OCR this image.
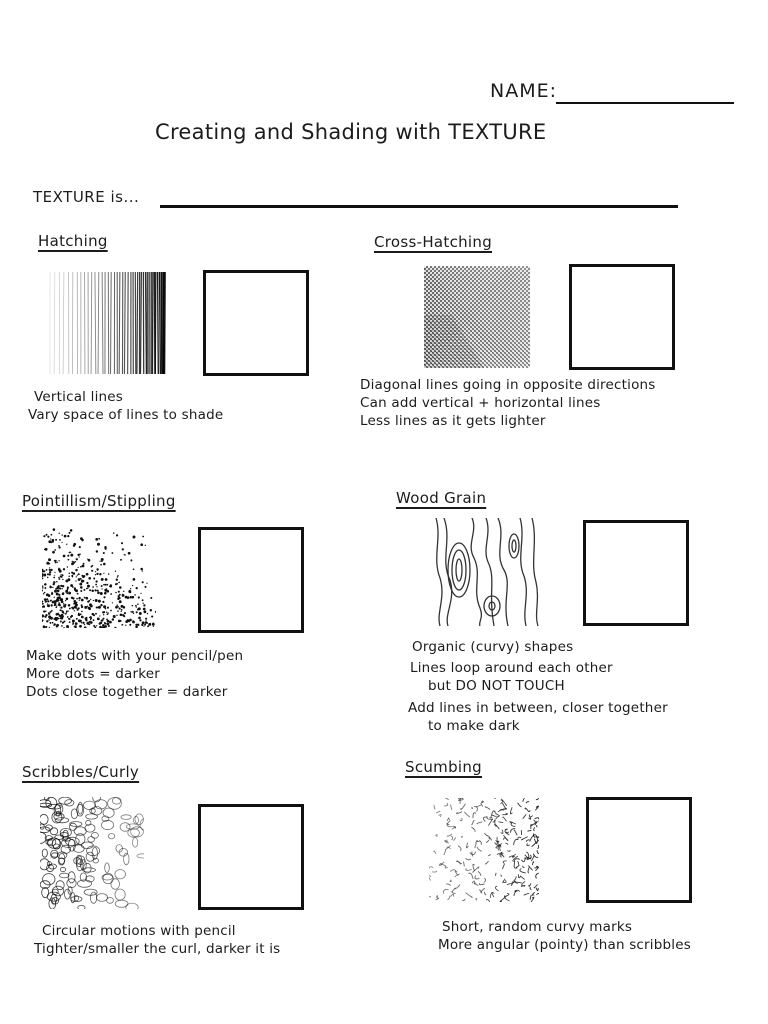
NAME:
Creating and Shading with TEXTURE
TEXTURE is...
Hatching
Vertical lines
Vary space of lines to shade
Cross-Hatching
Diagonal lines going in opposite directions
Can add vertical + horizontal lines
Less lines as it gets lighter
Pointillism/Stippling
Make dots with your pencil/pen
More dots = darker
Dots close together = darker
Wood Grain
Organic (curvy) shapes
Lines loop around each other
but DO NOT TOUCH
Add lines in between, closer together
to make dark
Scribbles/Curly
Circular motions with pencil
Tighter/smaller the curl, darker it is
Scumbing
Short, random curvy marks
More angular (pointy) than scribbles
